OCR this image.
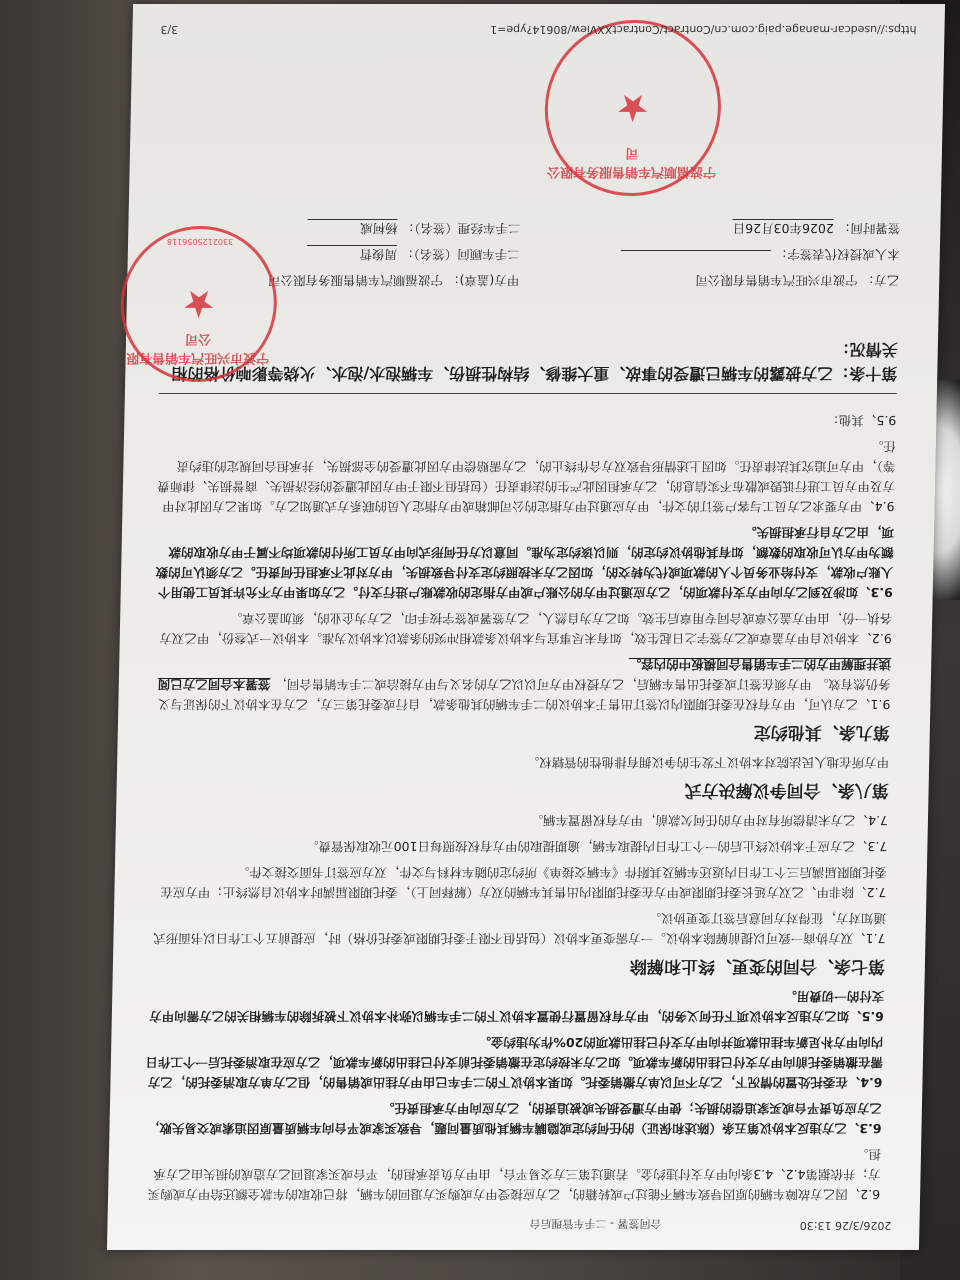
2026/3/26 13:30
合同签署 - 二手车管理后台

6.2、因乙方故障车辆的原因导致车辆不能过户或转籍的，乙方应接受甲方或购买方退回的车辆，将已收取的车款全额还给甲方或购买方；并依据第4.2、4.3条向甲方支付违约金。若通过第三方交易平台，由甲方负责承担的，平台或买家退回乙方造成的损失由乙方承担。

6.3、乙方违反本协议第五条（陈述和保证）的任何约定或隐瞒车辆其他质量问题，导致买家或平台向车辆质量原因追索或交易失败，乙方应负责平台或买家追偿的损失；使甲方遭受损失或被追责的，乙方应向甲方承担责任。

6.4、在委托处置的情况下，乙方不可以单方撤销委托。如果本协议下的二手车已由甲方挂出或销售的，但乙方单方取消委托的，乙方需在撤销委托前向甲方支付已挂出的新车款项。如乙方未按约定在撤销委托前支付已挂出的新车款项，乙方应在取消委托后一个工作日内向甲方补足新车挂出款项并向甲方支付已挂出款项的20%作为违约金。

6.5、如乙方违反本协议项下任何义务的，甲方有权留置行使置本协议下的二手车辆以弥补本协议下被拆除的车辆相关的乙方需向甲方支付的一切费用。

第七条、合同的变更、终止和解除

7.1、双方协商一致可以提前解除本协议。一方需变更本协议（包括但不限于委托期限或委托价格）时，应提前五个工作日以书面形式通知对方，征得对方同意后签订变更协议。

7.2、除非甲、乙双方延长委托期限或甲方在委托期限内出售其车辆的双方（解释同上），委托期限届满时本协议自然终止；甲方应在委托期限届满后三个工作日内返还车辆及其附件《车辆交接单》所约定的随车材料与文件，双方应签订书面交接文件。

7.3、乙方应于本协议终止后的一个工作日内提取车辆，逾期提取的甲方有权按照每日100元收取保管费。

7.4、乙方未清偿所有对甲方的任何欠款前，甲方有权留置车辆。

第八条、合同争议解决方式

甲方所在地人民法院对本协议下发生的争议拥有排他性的管辖权。

第九条、其他约定

9.1、乙方认可，甲方有权在委托期限内以签订出售于本协议的二手车辆的其他条款，自行或委托第三方，乙方在本协议下的保证与义务仍然有效。 甲方须在签订或委托出售车辆后，乙方授权甲方可以以乙方的名义与甲方接洽或二手车销售合同， 签署本合同乙方已阅读并理解甲方的二手车销售合同模板中的内容。

9.2、本协议自甲方盖章或乙方签字之日起生效，如有未尽事宜与本协议条款相冲突的条款以本协议为准。本协议一式叁份，甲乙双方各执一份，由甲方盖公章或合同专用章后生效。如乙方为自然人，乙方签署或签字按手印，乙方为企业的，须加盖公章。

9.3、如涉及到乙方向甲方支付款项的，乙方应通过甲方的公账户或甲方指定的收款账户进行支付。乙方如果甲方不允许其员工使用个人账户收款，支付给业务员个人的款项或代为转交的，如因乙方未按照约定支付导致损失，甲方对此不承担任何责任。乙方须认可的数额为甲方认可收取的数额，如有其他协议约定的，则以该约定为准。同意以方任何形式向甲方员工所付的款项均不属于甲方收取的款项，由乙方自行承担损失。

9.4、甲方要求乙方员工与客户签订的文件，甲方应通过甲方指定的公司邮箱或甲方指定人员的联系方式通知乙方。如果乙方因此对甲方及甲方员工进行诋毁或散布不实信息的，乙方承担因此产生的法律责任（包括但不限于甲方因此遭受的经济损失、商誉损失、律师费等），甲方可追究其法律责任。如因上述情形导致双方合作终止的，乙方需赔偿甲方因此遭受的全部损失，并承担合同规定的违约责任。

9.5、其他：

第十条：乙方披露的车辆已遭受的事故、重大维修、结构性损伤、车辆泡水/泡水、火烧等影响价格的相关情况：
乙方： 宁波市兴旺汽车销售有限公司
本人或授权代表签字：
签署时间： 2026年03月26日
甲方(盖章)： 宁波福顺汽车销售服务有限公司
二手车顾问（签名）： 周俊哲
二手车经理（签名）： 杨柯威
宁波市兴旺汽车销售有限公司
★
3302125056118
宁波福顺汽车销售服务有限公司
★
https://usedcar-manage.paig.com.cn/Contract/ContractXXView/80614?ype=1
3/3
